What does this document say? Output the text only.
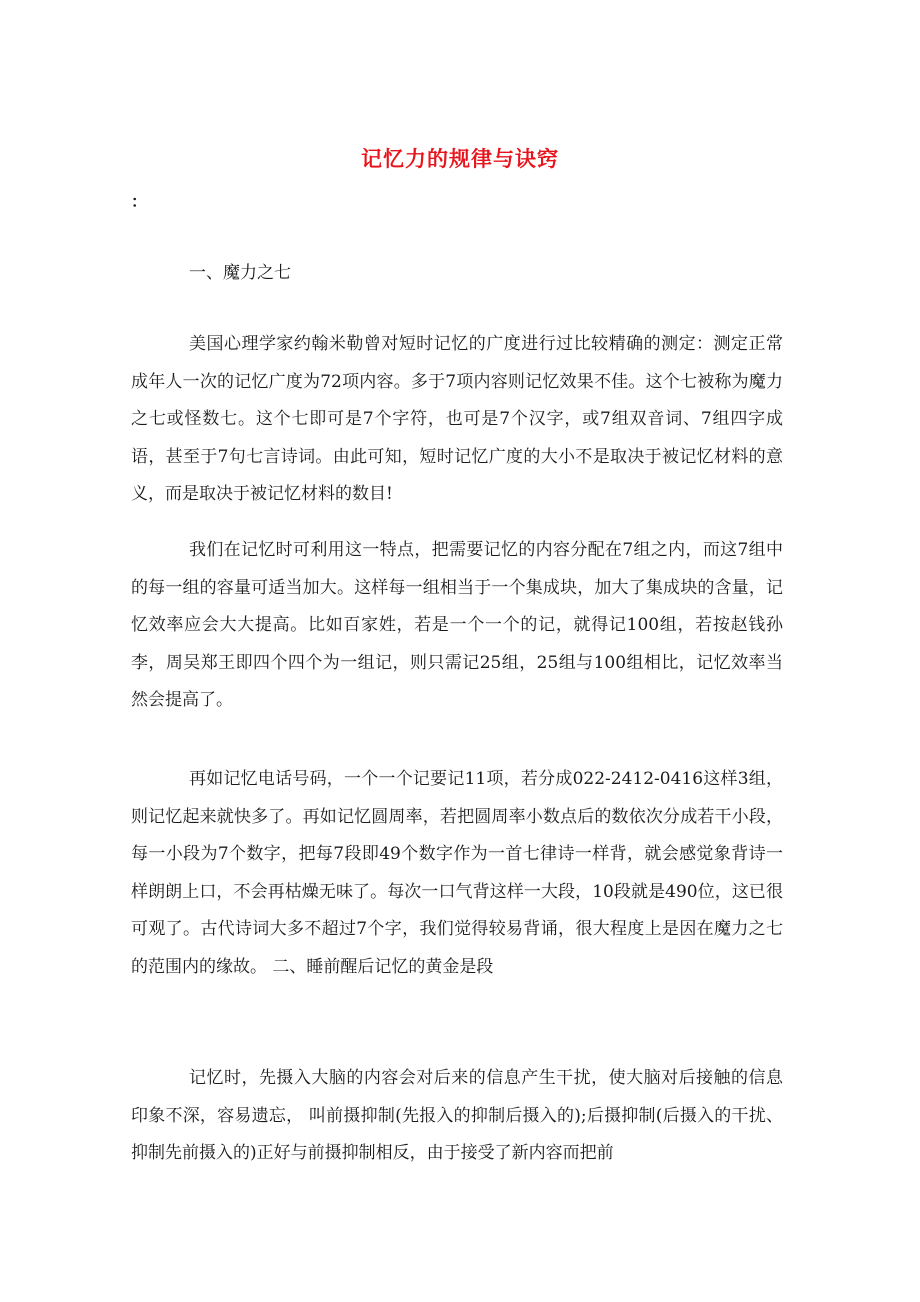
记忆力的规律与诀窍
：

一、魔力之七

美国心理学家约翰米勒曾对短时记忆的广度进行过比较精确的测定：测定正常成年人一次的记忆广度为72项内容。多于7项内容则记忆效果不佳。这个七被称为魔力之七或怪数七。这个七即可是7个字符，也可是7个汉字，或7组双音词、7组四字成语，甚至于7句七言诗词。由此可知，短时记忆广度的大小不是取决于被记忆材料的意义，而是取决于被记忆材料的数目!

我们在记忆时可利用这一特点，把需要记忆的内容分配在7组之内，而这7组中的每一组的容量可适当加大。这样每一组相当于一个集成块，加大了集成块的含量，记忆效率应会大大提高。比如百家姓，若是一个一个的记，就得记100组，若按赵钱孙李，周吴郑王即四个四个为一组记，则只需记25组，25组与100组相比，记忆效率当然会提高了。

再如记忆电话号码，一个一个记要记11项，若分成022-2412-0416这样3组，则记忆起来就快多了。再如记忆圆周率，若把圆周率小数点后的数依次分成若干小段，每一小段为7个数字，把每7段即49个数字作为一首七律诗一样背，就会感觉象背诗一样朗朗上口，不会再枯燥无味了。每次一口气背这样一大段，10段就是490位，这已很可观了。古代诗词大多不超过7个字，我们觉得较易背诵，很大程度上是因在魔力之七的范围内的缘故。 二、睡前醒后记忆的黄金是段

记忆时，先摄入大脑的内容会对后来的信息产生干扰，使大脑对后接触的信息印象不深，容易遗忘， 叫前摄抑制(先报入的抑制后摄入的);后摄抑制(后摄入的干扰、抑制先前摄入的)正好与前摄抑制相反，由于接受了新内容而把前
